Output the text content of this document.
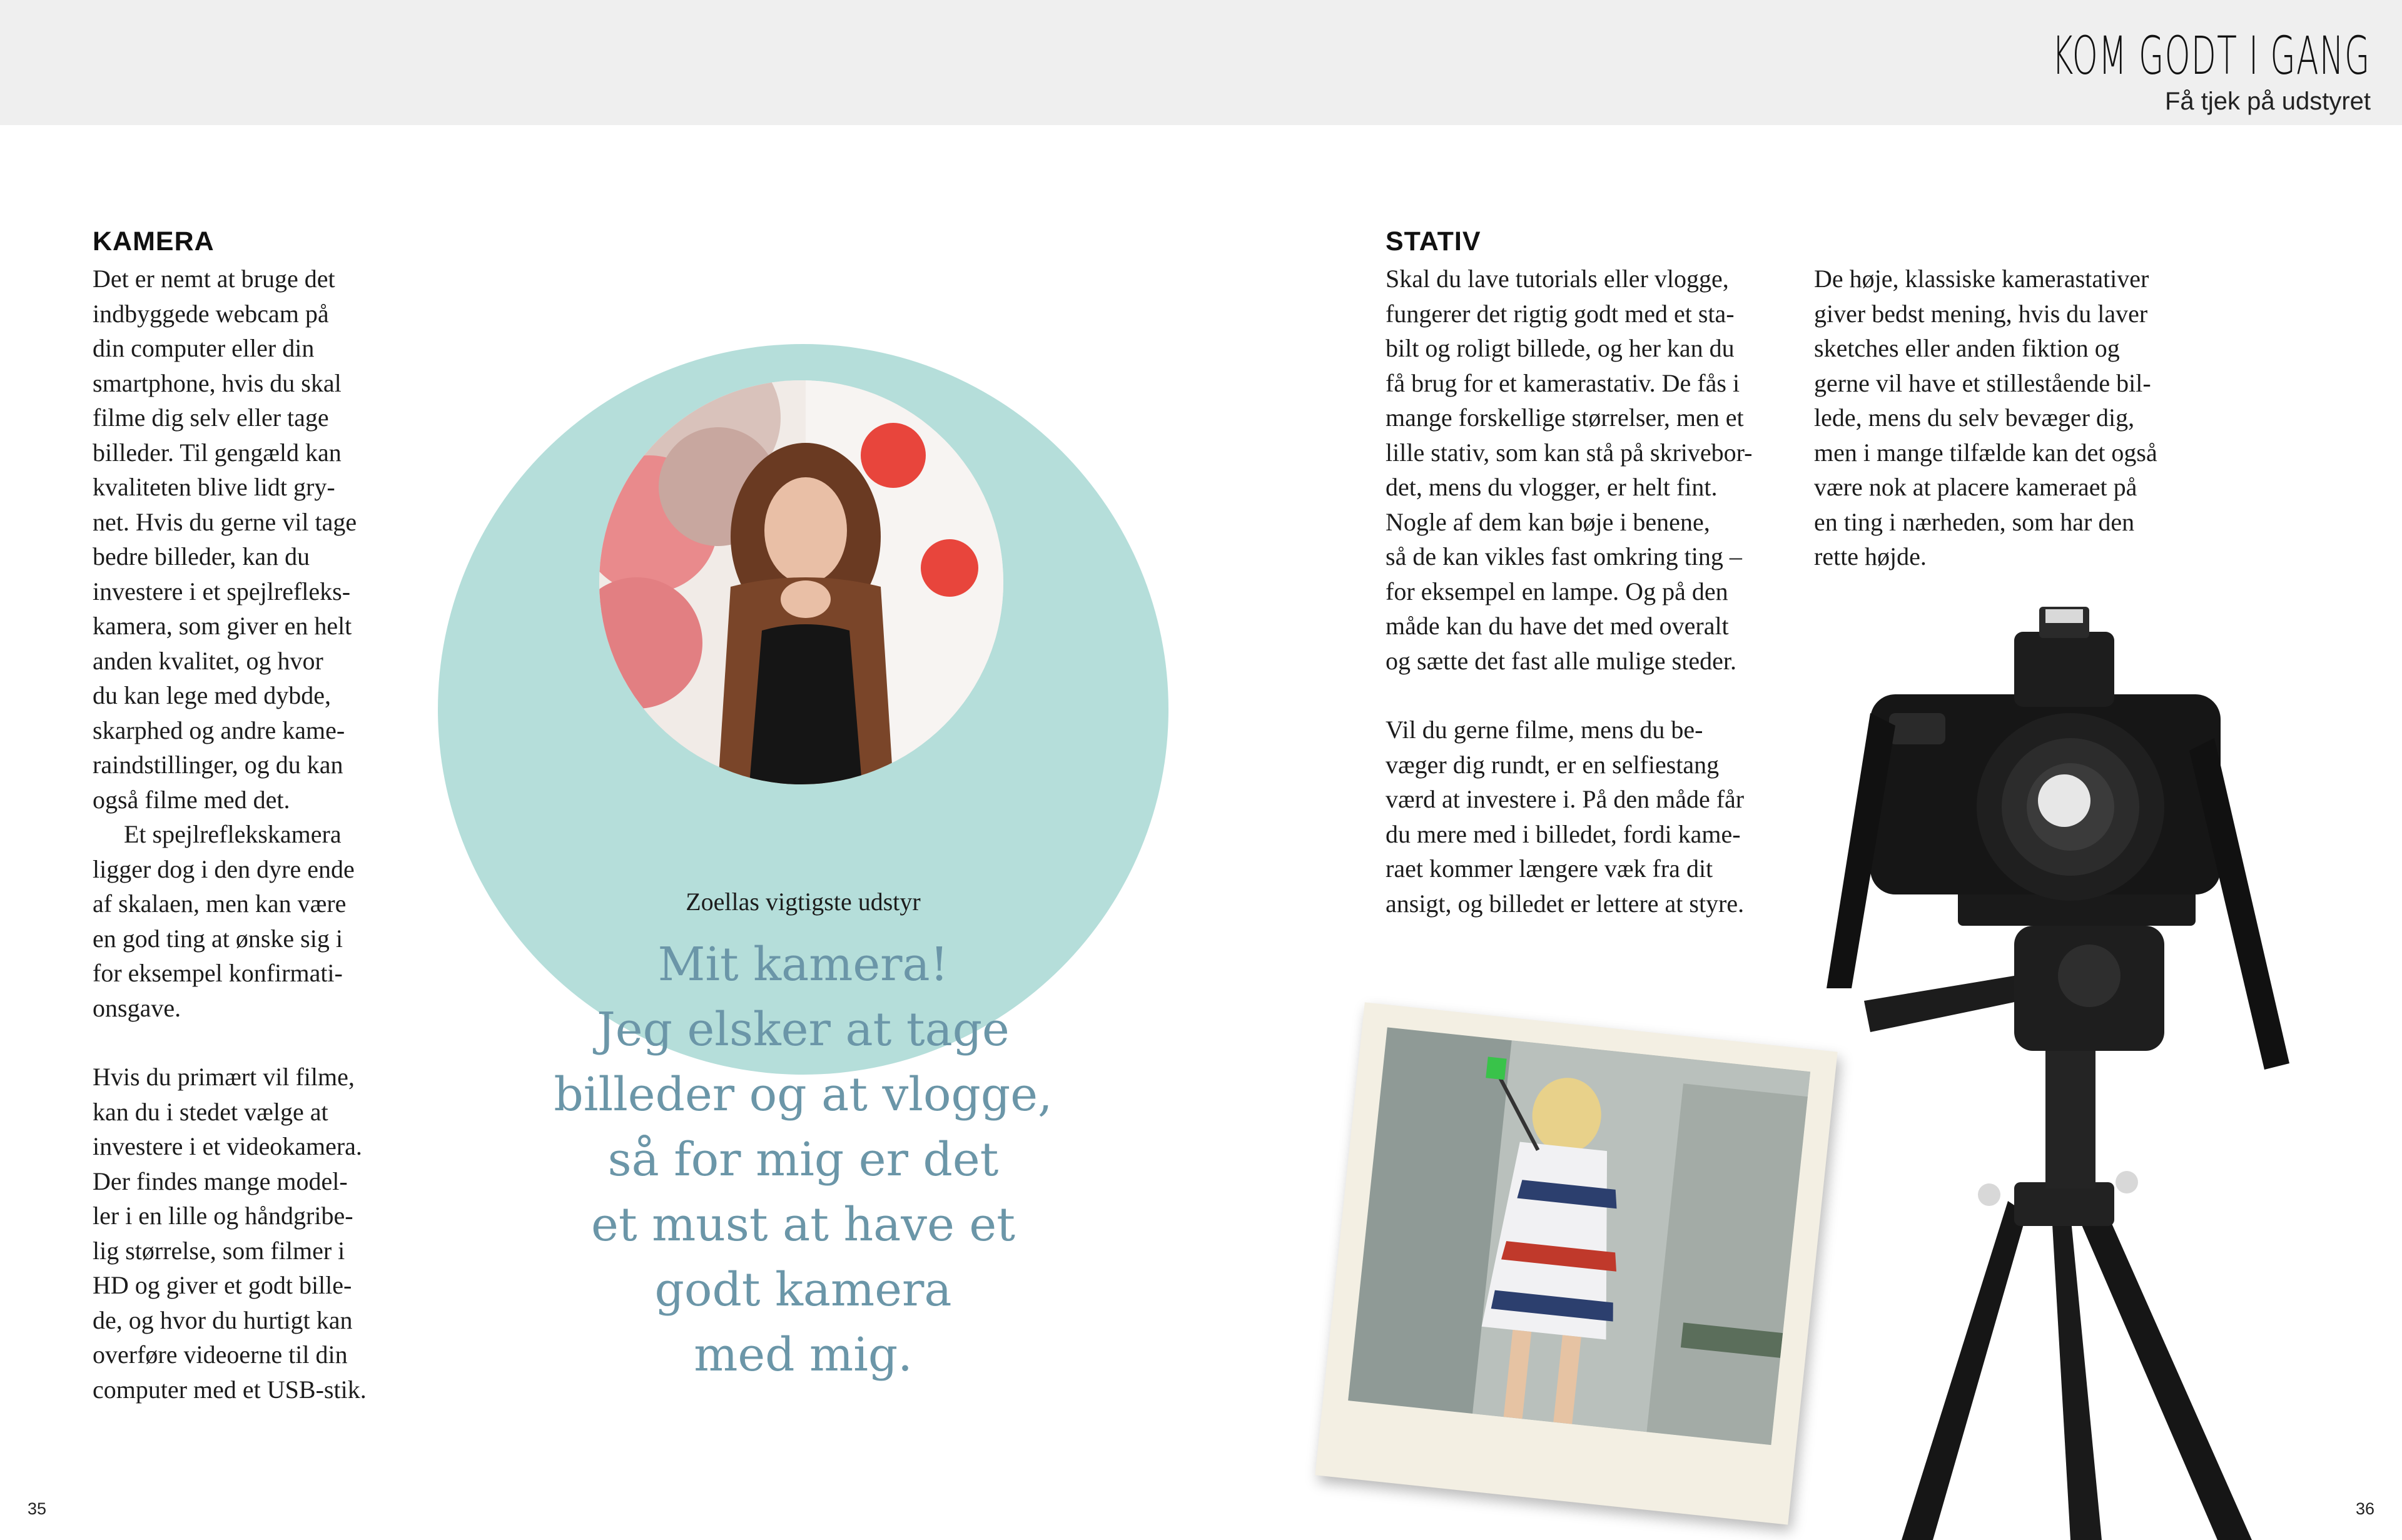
KOM GODT I GANG
Få tjek på udstyret
KAMERA

Det er nemt at bruge det
indbyggede webcam på
din computer eller din
smartphone, hvis du skal
filme dig selv eller tage
billeder. Til gengæld kan
kvaliteten blive lidt gry-
net. Hvis du gerne vil tage
bedre billeder, kan du
investere i et spejlrefleks-
kamera, som giver en helt
anden kvalitet, og hvor
du kan lege med dybde,
skarphed og andre kame-
raindstillinger, og du kan
også filme med det.

Et spejlreflekskamera
ligger dog i den dyre ende
af skalaen, men kan være
en god ting at ønske sig i
for eksempel konfirmati-
onsgave.

Hvis du primært vil filme,
kan du i stedet vælge at
investere i et videokamera.
Der findes mange model-
ler i en lille og håndgribe-
lig størrelse, som filmer i
HD og giver et godt bille-
de, og hvor du hurtigt kan
overføre videoerne til din
computer med et USB-stik.

Zoellas vigtigste udstyr

Mit kamera!
Jeg elsker at tage
billeder og at vlogge,
så for mig er det
et must at have et
godt kamera
med mig.

STATIV

Skal du lave tutorials eller vlogge,
fungerer det rigtig godt med et sta-
bilt og roligt billede, og her kan du
få brug for et kamerastativ. De fås i
mange forskellige størrelser, men et
lille stativ, som kan stå på skrivebor-
det, mens du vlogger, er helt fint.
Nogle af dem kan bøje i benene,
så de kan vikles fast omkring ting –
for eksempel en lampe. Og på den
måde kan du have det med overalt
og sætte det fast alle mulige steder.

Vil du gerne filme, mens du be-
væger dig rundt, er en selfiestang
værd at investere i. På den måde får
du mere med i billedet, fordi kame-
raet kommer længere væk fra dit
ansigt, og billedet er lettere at styre.

De høje, klassiske kamerastativer
giver bedst mening, hvis du laver
sketches eller anden fiktion og
gerne vil have et stillestående bil-
lede, mens du selv bevæger dig,
men i mange tilfælde kan det også
være nok at placere kameraet på
en ting i nærheden, som har den
rette højde.

35	36
